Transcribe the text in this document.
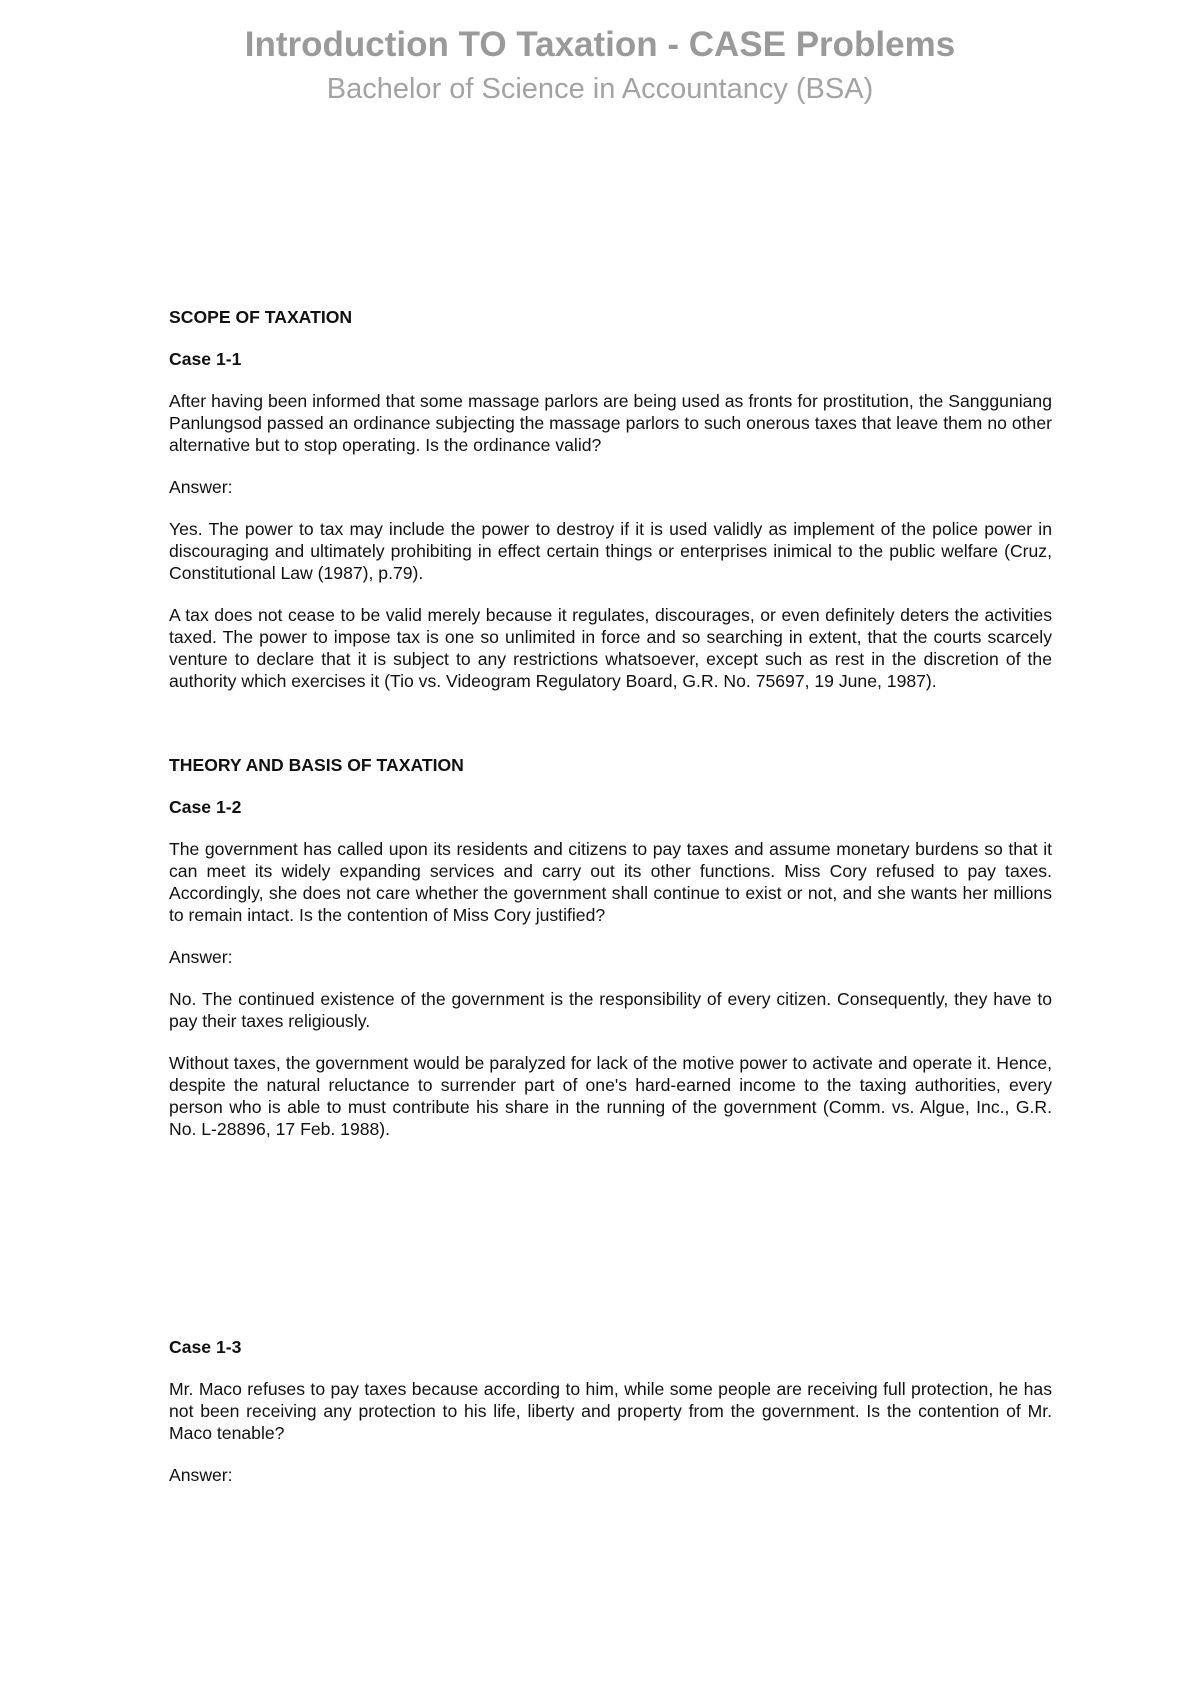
Introduction TO Taxation - CASE Problems
Bachelor of Science in Accountancy (BSA)

SCOPE OF TAXATION

Case 1-1

After having been informed that some massage parlors are being used as fronts for prostitution, the Sangguniang Panlungsod passed an ordinance subjecting the massage parlors to such onerous taxes that leave them no other alternative but to stop operating. Is the ordinance valid?

Answer:

Yes. The power to tax may include the power to destroy if it is used validly as implement of the police power in discouraging and ultimately prohibiting in effect certain things or enterprises inimical to the public welfare (Cruz, Constitutional Law (1987), p.79).

A tax does not cease to be valid merely because it regulates, discourages, or even definitely deters the activities taxed. The power to impose tax is one so unlimited in force and so searching in extent, that the courts scarcely venture to declare that it is subject to any restrictions whatsoever, except such as rest in the discretion of the authority which exercises it (Tio vs. Videogram Regulatory Board, G.R. No. 75697, 19 June, 1987).

THEORY AND BASIS OF TAXATION

Case 1-2

The government has called upon its residents and citizens to pay taxes and assume monetary burdens so that it can meet its widely expanding services and carry out its other functions. Miss Cory refused to pay taxes. Accordingly, she does not care whether the government shall continue to exist or not, and she wants her millions to remain intact. Is the contention of Miss Cory justified?

Answer:

No. The continued existence of the government is the responsibility of every citizen. Consequently, they have to pay their taxes religiously.

Without taxes, the government would be paralyzed for lack of the motive power to activate and operate it. Hence, despite the natural reluctance to surrender part of one's hard-earned income to the taxing authorities, every person who is able to must contribute his share in the running of the government (Comm. vs. Algue, Inc., G.R. No. L-28896, 17 Feb. 1988).

Case 1-3

Mr. Maco refuses to pay taxes because according to him, while some people are receiving full protection, he has not been receiving any protection to his life, liberty and property from the government. Is the contention of Mr. Maco tenable?

Answer:
